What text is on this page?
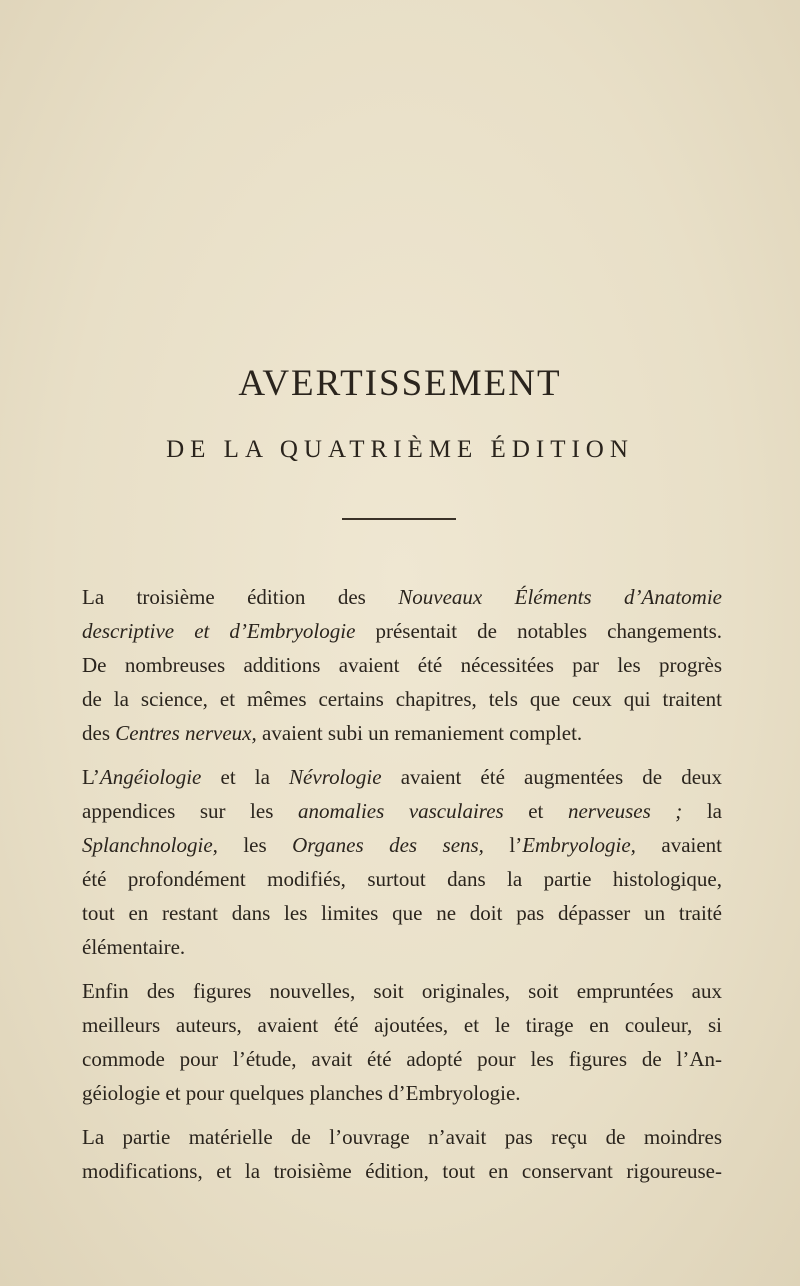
AVERTISSEMENT
DE LA QUATRIÈME ÉDITION

La troisième édition des Nouveaux Éléments d’Anatomie
descriptive et d’Embryologie présentait de notables changements.
De nombreuses additions avaient été nécessitées par les progrès
de la science, et mêmes certains chapitres, tels que ceux qui traitent
des Centres nerveux, avaient subi un remaniement complet.

L’Angéiologie et la Névrologie avaient été augmentées de deux
appendices sur les anomalies vasculaires et nerveuses ; la
Splanchnologie, les Organes des sens, l’Embryologie, avaient
été profondément modifiés, surtout dans la partie histologique,
tout en restant dans les limites que ne doit pas dépasser un traité
élémentaire.

Enfin des figures nouvelles, soit originales, soit empruntées aux
meilleurs auteurs, avaient été ajoutées, et le tirage en couleur, si
commode pour l’étude, avait été adopté pour les figures de l’An-
géiologie et pour quelques planches d’Embryologie.

La partie matérielle de l’ouvrage n’avait pas reçu de moindres
modifications, et la troisième édition, tout en conservant rigoureuse-
